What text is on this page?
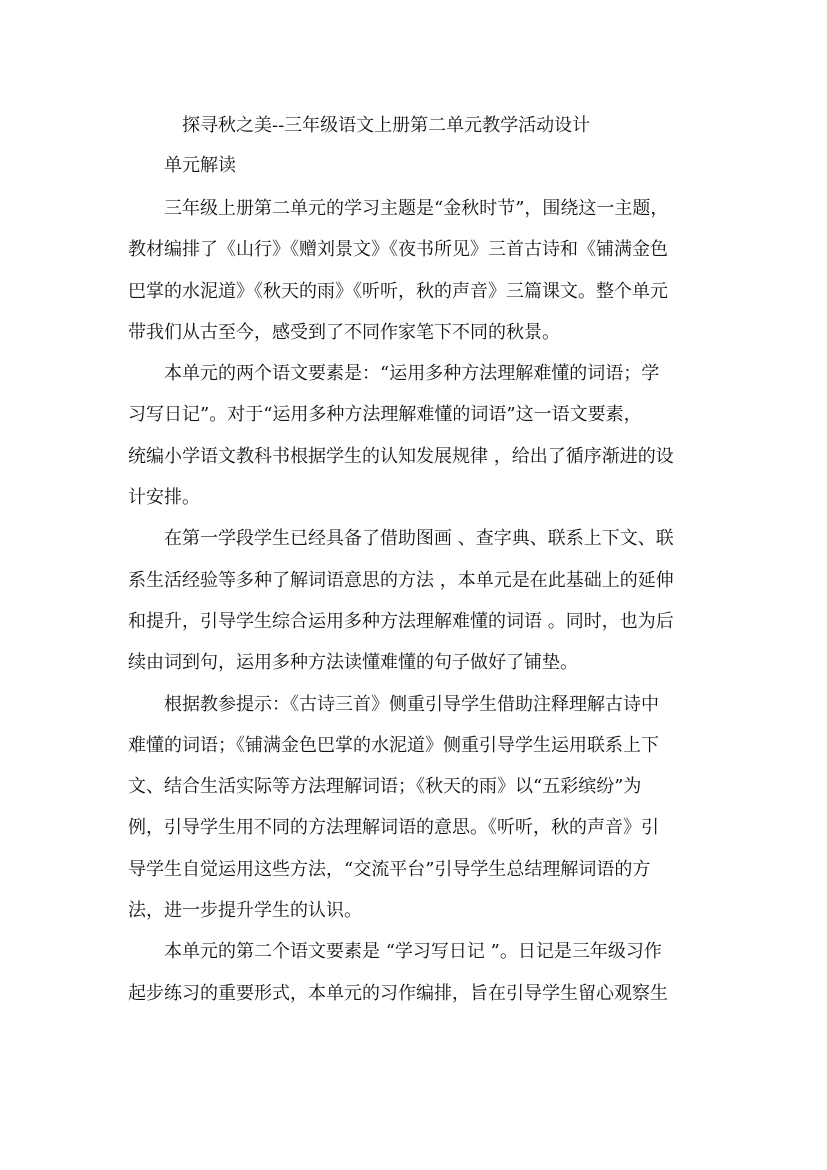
探寻秋之美--三年级语文上册第二单元教学活动设计
单元解读
三年级上册第二单元的学习主题是“金秋时节”，围绕这一主题，
教材编排了《山行》《赠刘景文》《夜书所见》三首古诗和《铺满金色
巴掌的水泥道》《秋天的雨》《听听，秋的声音》三篇课文。整个单元
带我们从古至今，感受到了不同作家笔下不同的秋景。
本单元的两个语文要素是：“运用多种方法理解难懂的词语；学
习写日记”。对于“运用多种方法理解难懂的词语”这一语文要素，
统编小学语文教科书根据学生的认知发展规律 ，给出了循序渐进的设
计安排。
在第一学段学生已经具备了借助图画 、查字典、联系上下文、联
系生活经验等多种了解词语意思的方法 ，本单元是在此基础上的延伸
和提升，引导学生综合运用多种方法理解难懂的词语 。同时，也为后
续由词到句，运用多种方法读懂难懂的句子做好了铺垫。
根据教参提示：《古诗三首》侧重引导学生借助注释理解古诗中
难懂的词语；《铺满金色巴掌的水泥道》侧重引导学生运用联系上下
文、结合生活实际等方法理解词语；《秋天的雨》以“五彩缤纷”为
例，引导学生用不同的方法理解词语的意思。《听听，秋的声音》引
导学生自觉运用这些方法，“交流平台”引导学生总结理解词语的方
法，进一步提升学生的认识。
本单元的第二个语文要素是 “学习写日记 ”。日记是三年级习作
起步练习的重要形式，本单元的习作编排，旨在引导学生留心观察生
